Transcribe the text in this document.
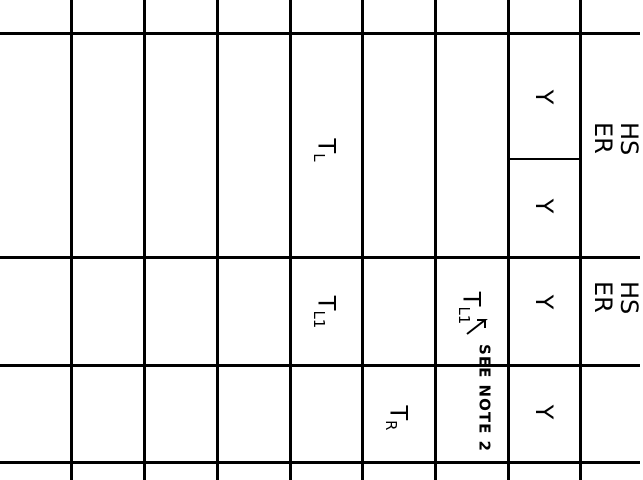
$T_L$
Y
Y
HS ER
$T_{L1}$
$T_{L1}$
Y	HS ER
SEE NOTE 2
$T_R$
Y
